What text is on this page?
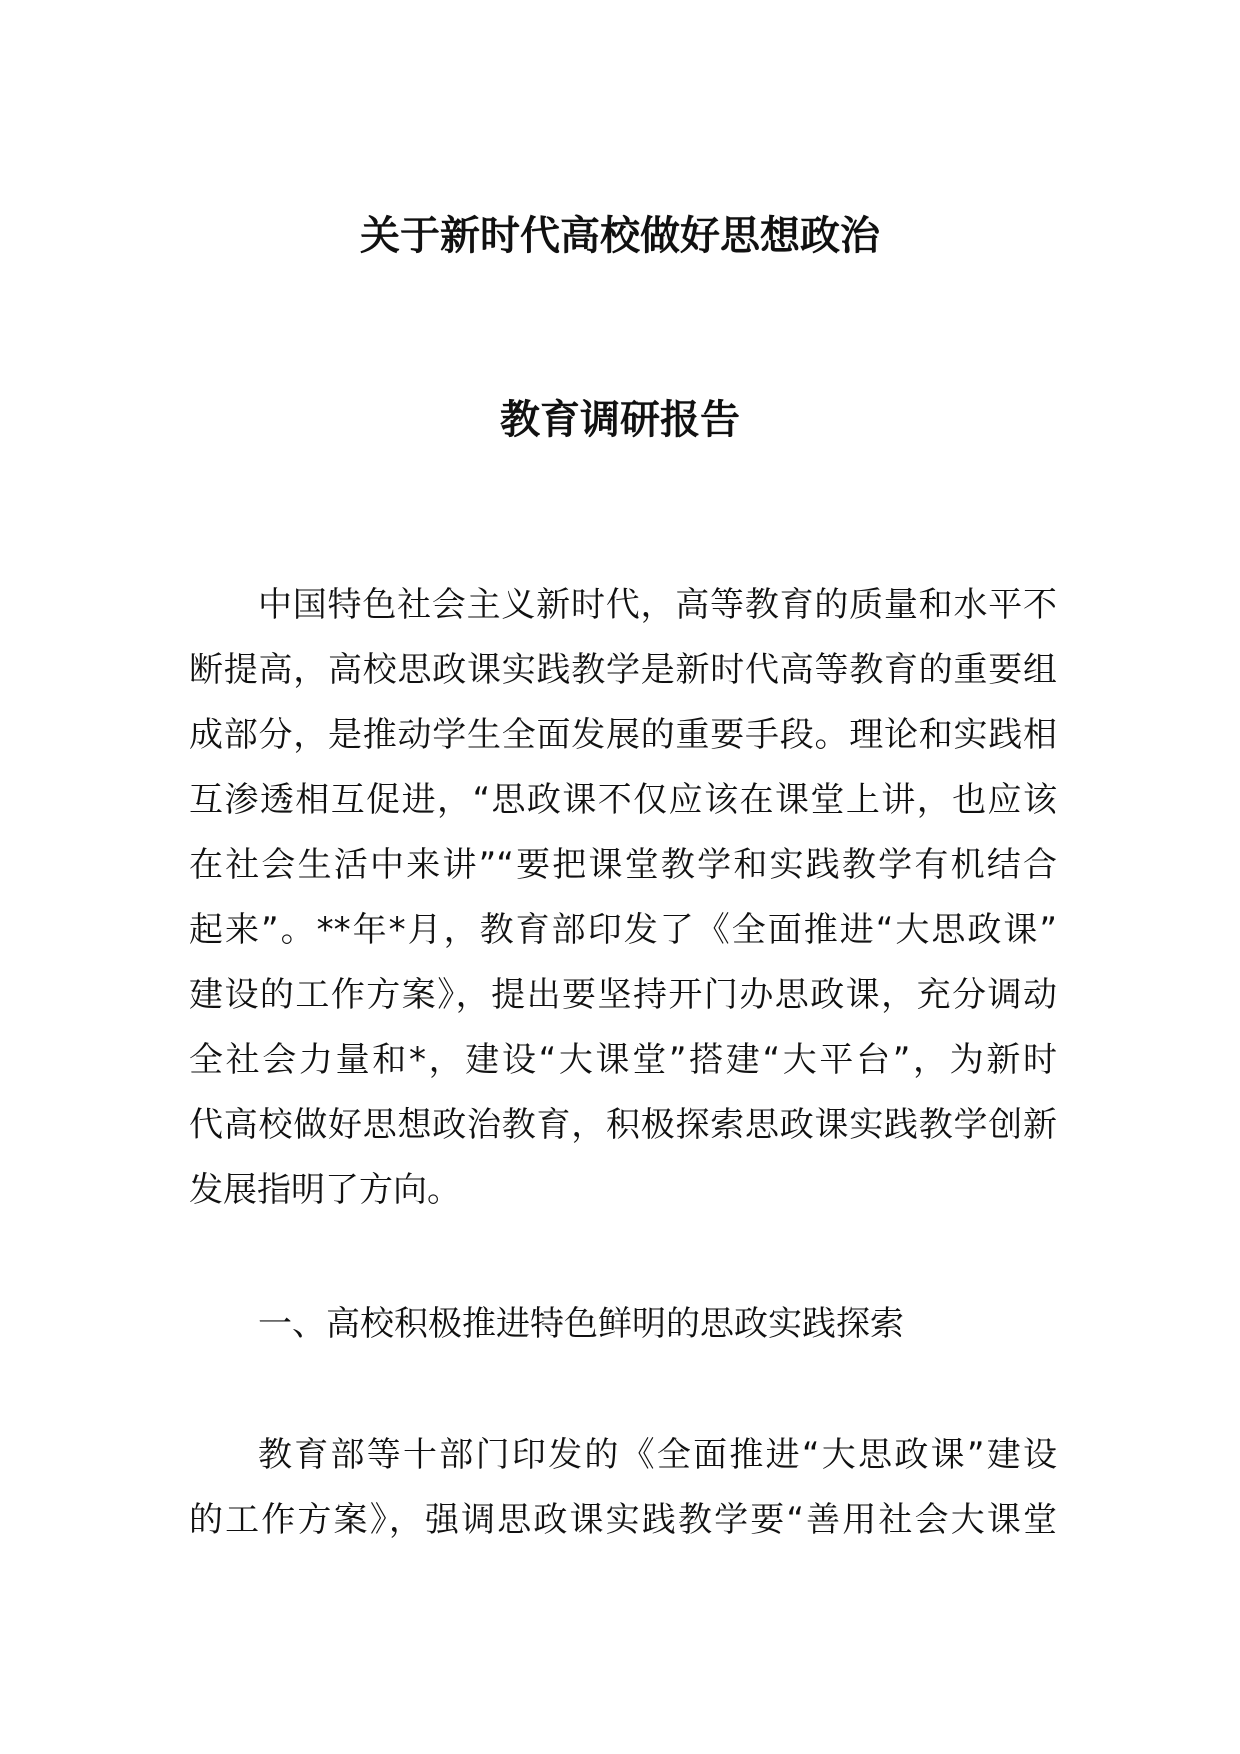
关于新时代高校做好思想政治
教育调研报告
中国特色社会主义新时代，高等教育的质量和水平不
断提高，高校思政课实践教学是新时代高等教育的重要组
成部分，是推动学生全面发展的重要手段。理论和实践相
互渗透相互促进，“思政课不仅应该在课堂上讲，也应该
在社会生活中来讲”“要把课堂教学和实践教学有机结合
起来”。**年*月，教育部印发了《全面推进“大思政课”
建设的工作方案》，提出要坚持开门办思政课，充分调动
全社会力量和*，建设“大课堂”搭建“大平台”，为新时
代高校做好思想政治教育，积极探索思政课实践教学创新
发展指明了方向。
一、高校积极推进特色鲜明的思政实践探索
教育部等十部门印发的《全面推进“大思政课”建设
的工作方案》，强调思政课实践教学要“善用社会大课堂
